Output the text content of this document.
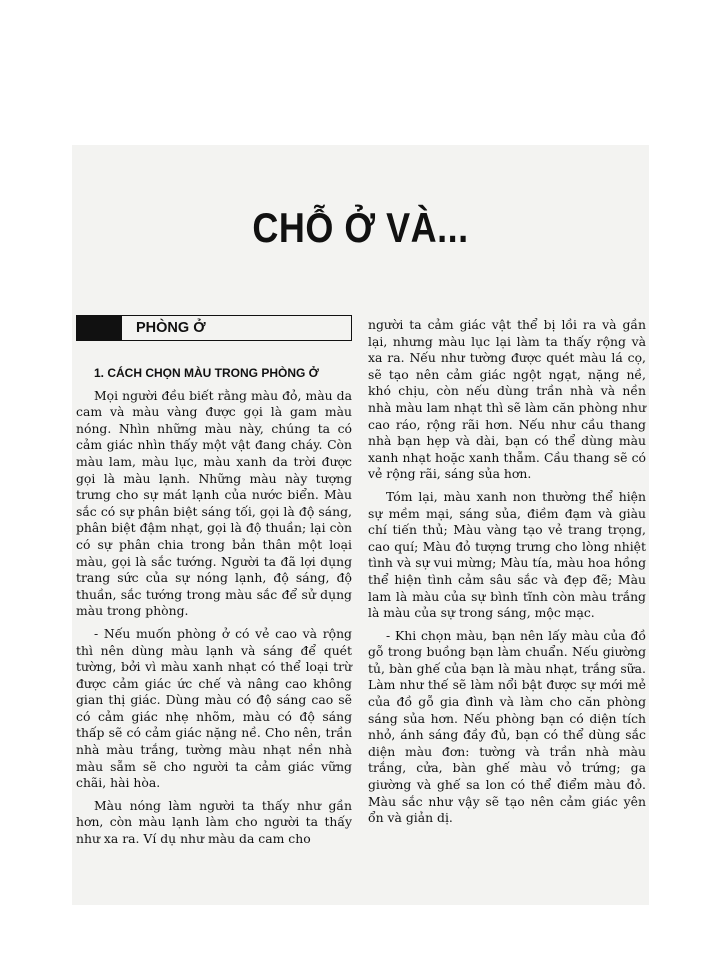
CHỖ Ở VÀ...
PHÒNG Ở

1. CÁCH CHỌN MÀU TRONG PHÒNG Ở

Mọi người đều biết rằng màu đỏ, màu da cam và màu vàng được gọi là gam màu nóng. Nhìn những màu này, chúng ta có cảm giác nhìn thấy một vật đang cháy. Còn màu lam, màu lục, màu xanh da trời được gọi là màu lạnh. Những màu này tượng trưng cho sự mát lạnh của nước biển. Màu sắc có sự phân biệt sáng tối, gọi là độ sáng, phân biệt đậm nhạt, gọi là độ thuần; lại còn có sự phân chia trong bản thân một loại màu, gọi là sắc tướng. Người ta đã lợi dụng trang sức của sự nóng lạnh, độ sáng, độ thuần, sắc tướng trong màu sắc để sử dụng màu trong phòng.

- Nếu muốn phòng ở có vẻ cao và rộng thì nên dùng màu lạnh và sáng để quét tường, bởi vì màu xanh nhạt có thể loại trừ được cảm giác ức chế và nâng cao không gian thị giác. Dùng màu có độ sáng cao sẽ có cảm giác nhẹ nhõm, màu có độ sáng thấp sẽ có cảm giác nặng nề. Cho nên, trần nhà màu trắng, tường màu nhạt nền nhà màu sẫm sẽ cho người ta cảm giác vững chãi, hài hòa.

Màu nóng làm người ta thấy như gần hơn, còn màu lạnh làm cho người ta thấy như xa ra. Ví dụ như màu da cam cho

người ta cảm giác vật thể bị lồi ra và gần lại, nhưng màu lục lại làm ta thấy rộng và xa ra. Nếu như tường được quét màu lá cọ, sẽ tạo nên cảm giác ngột ngạt, nặng nề, khó chịu, còn nếu dùng trần nhà và nền nhà màu lam nhạt thì sẽ làm căn phòng như cao ráo, rộng rãi hơn. Nếu như cầu thang nhà bạn hẹp và dài, bạn có thể dùng màu xanh nhạt hoặc xanh thẫm. Cầu thang sẽ có vẻ rộng rãi, sáng sủa hơn.

Tóm lại, màu xanh non thường thể hiện sự mềm mại, sáng sủa, điềm đạm và giàu chí tiến thủ; Màu vàng tạo vẻ trang trọng, cao quí; Màu đỏ tượng trưng cho lòng nhiệt tình và sự vui mừng; Màu tía, màu hoa hồng thể hiện tình cảm sâu sắc và đẹp đẽ; Màu lam là màu của sự bình tĩnh còn màu trắng là màu của sự trong sáng, mộc mạc.

- Khi chọn màu, bạn nên lấy màu của đồ gỗ trong buồng bạn làm chuẩn. Nếu giường tủ, bàn ghế của bạn là màu nhạt, trắng sữa. Làm như thế sẽ làm nổi bật được sự mới mẻ của đồ gỗ gia đình và làm cho căn phòng sáng sủa hơn. Nếu phòng bạn có diện tích nhỏ, ánh sáng đầy đủ, bạn có thể dùng sắc diện màu đơn: tường và trần nhà màu trắng, cửa, bàn ghế màu vỏ trứng; ga giường và ghế sa lon có thể điểm màu đỏ. Màu sắc như vậy sẽ tạo nên cảm giác yên ổn và giản dị.
